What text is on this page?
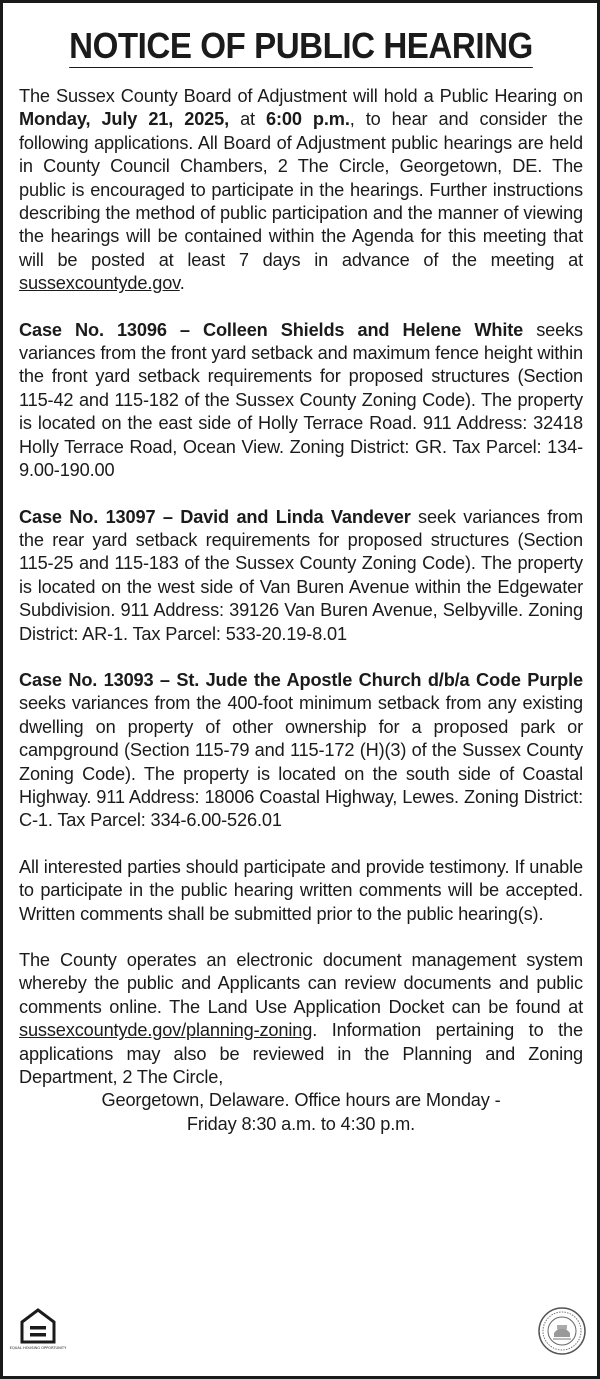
NOTICE OF PUBLIC HEARING

The Sussex County Board of Adjustment will hold a Public Hearing on Monday, July 21, 2025, at 6:00 p.m., to hear and consider the following applications. All Board of Adjustment public hearings are held in County Council Chambers, 2 The Circle, Georgetown, DE. The public is encouraged to participate in the hearings. Further instructions describing the method of public participation and the manner of viewing the hearings will be contained within the Agenda for this meeting that will be posted at least 7 days in advance of the meeting at sussexcountyde.gov.

Case No. 13096 – Colleen Shields and Helene White seeks variances from the front yard setback and maximum fence height within the front yard setback requirements for proposed structures (Section 115-42 and 115-182 of the Sussex County Zoning Code). The property is located on the east side of Holly Terrace Road. 911 Address: 32418 Holly Terrace Road, Ocean View. Zoning District: GR. Tax Parcel: 134-9.00-190.00

Case No. 13097 – David and Linda Vandever seek variances from the rear yard setback requirements for proposed structures (Section 115-25 and 115-183 of the Sussex County Zoning Code). The property is located on the west side of Van Buren Avenue within the Edgewater Subdivision. 911 Address: 39126 Van Buren Avenue, Selbyville. Zoning District: AR-1. Tax Parcel: 533-20.19-8.01

Case No. 13093 – St. Jude the Apostle Church d/b/a Code Purple seeks variances from the 400-foot minimum setback from any existing dwelling on property of other ownership for a proposed park or campground (Section 115-79 and 115-172 (H)(3) of the Sussex County Zoning Code). The property is located on the south side of Coastal Highway. 911 Address: 18006 Coastal Highway, Lewes. Zoning District: C-1. Tax Parcel: 334-6.00-526.01

All interested parties should participate and provide testimony. If unable to participate in the public hearing written comments will be accepted. Written comments shall be submitted prior to the public hearing(s).

The County operates an electronic document management system whereby the public and Applicants can review documents and public comments online. The Land Use Application Docket can be found at sussexcountyde.gov/planning-zoning. Information pertaining to the applications may also be reviewed in the Planning and Zoning Department, 2 The Circle,

Georgetown, Delaware. Office hours are Monday -
Friday 8:30 a.m. to 4:30 p.m.
EQUAL HOUSING OPPORTUNITY
